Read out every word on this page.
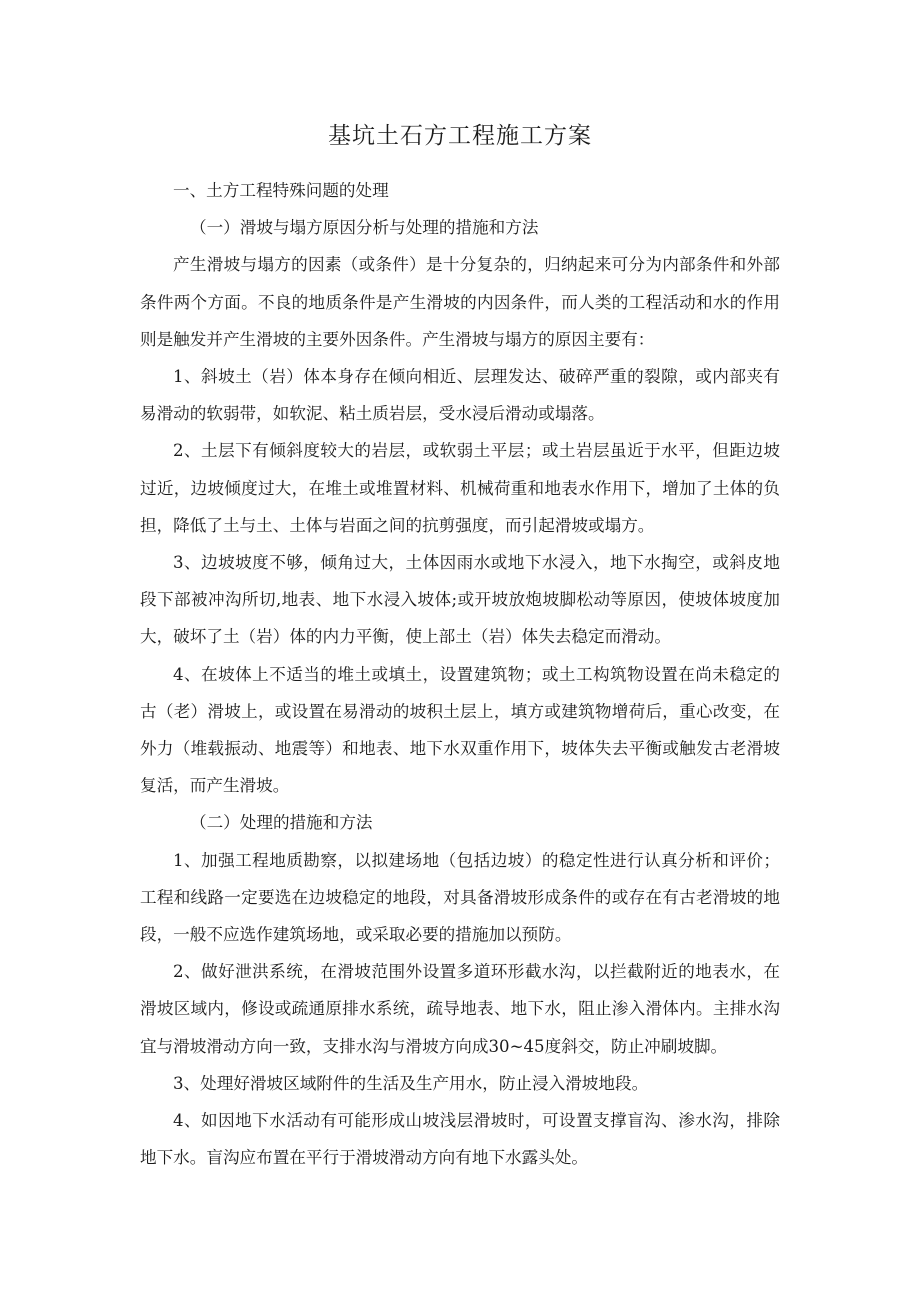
基坑土石方工程施工方案

一、土方工程特殊问题的处理

（一）滑坡与塌方原因分析与处理的措施和方法

产生滑坡与塌方的因素（或条件）是十分复杂的，归纳起来可分为内部条件和外部条件两个方面。不良的地质条件是产生滑坡的内因条件，而人类的工程活动和水的作用则是触发并产生滑坡的主要外因条件。产生滑坡与塌方的原因主要有：

1、斜坡土（岩）体本身存在倾向相近、层理发达、破碎严重的裂隙，或内部夹有易滑动的软弱带，如软泥、粘土质岩层，受水浸后滑动或塌落。

2、土层下有倾斜度较大的岩层，或软弱土平层；或土岩层虽近于水平，但距边坡过近，边坡倾度过大，在堆土或堆置材料、机械荷重和地表水作用下，增加了土体的负担，降低了土与土、土体与岩面之间的抗剪强度，而引起滑坡或塌方。

3、边坡坡度不够，倾角过大，土体因雨水或地下水浸入，地下水掏空，或斜皮地段下部被冲沟所切,地表、地下水浸入坡体;或开坡放炮坡脚松动等原因，使坡体坡度加大，破坏了土（岩）体的内力平衡，使上部土（岩）体失去稳定而滑动。

4、在坡体上不适当的堆土或填土，设置建筑物；或土工构筑物设置在尚未稳定的古（老）滑坡上，或设置在易滑动的坡积土层上，填方或建筑物增荷后，重心改变，在外力（堆载振动、地震等）和地表、地下水双重作用下，坡体失去平衡或触发古老滑坡复活，而产生滑坡。

（二）处理的措施和方法

1、加强工程地质勘察，以拟建场地（包括边坡）的稳定性进行认真分析和评价；工程和线路一定要选在边坡稳定的地段，对具备滑坡形成条件的或存在有古老滑坡的地段，一般不应选作建筑场地，或采取必要的措施加以预防。

2、做好泄洪系统，在滑坡范围外设置多道环形截水沟，以拦截附近的地表水，在滑坡区域内，修设或疏通原排水系统，疏导地表、地下水，阻止渗入滑体内。主排水沟宜与滑坡滑动方向一致，支排水沟与滑坡方向成30~45度斜交，防止冲刷坡脚。

3、处理好滑坡区域附件的生活及生产用水，防止浸入滑坡地段。

4、如因地下水活动有可能形成山坡浅层滑坡时，可设置支撑盲沟、渗水沟，排除地下水。盲沟应布置在平行于滑坡滑动方向有地下水露头处。
